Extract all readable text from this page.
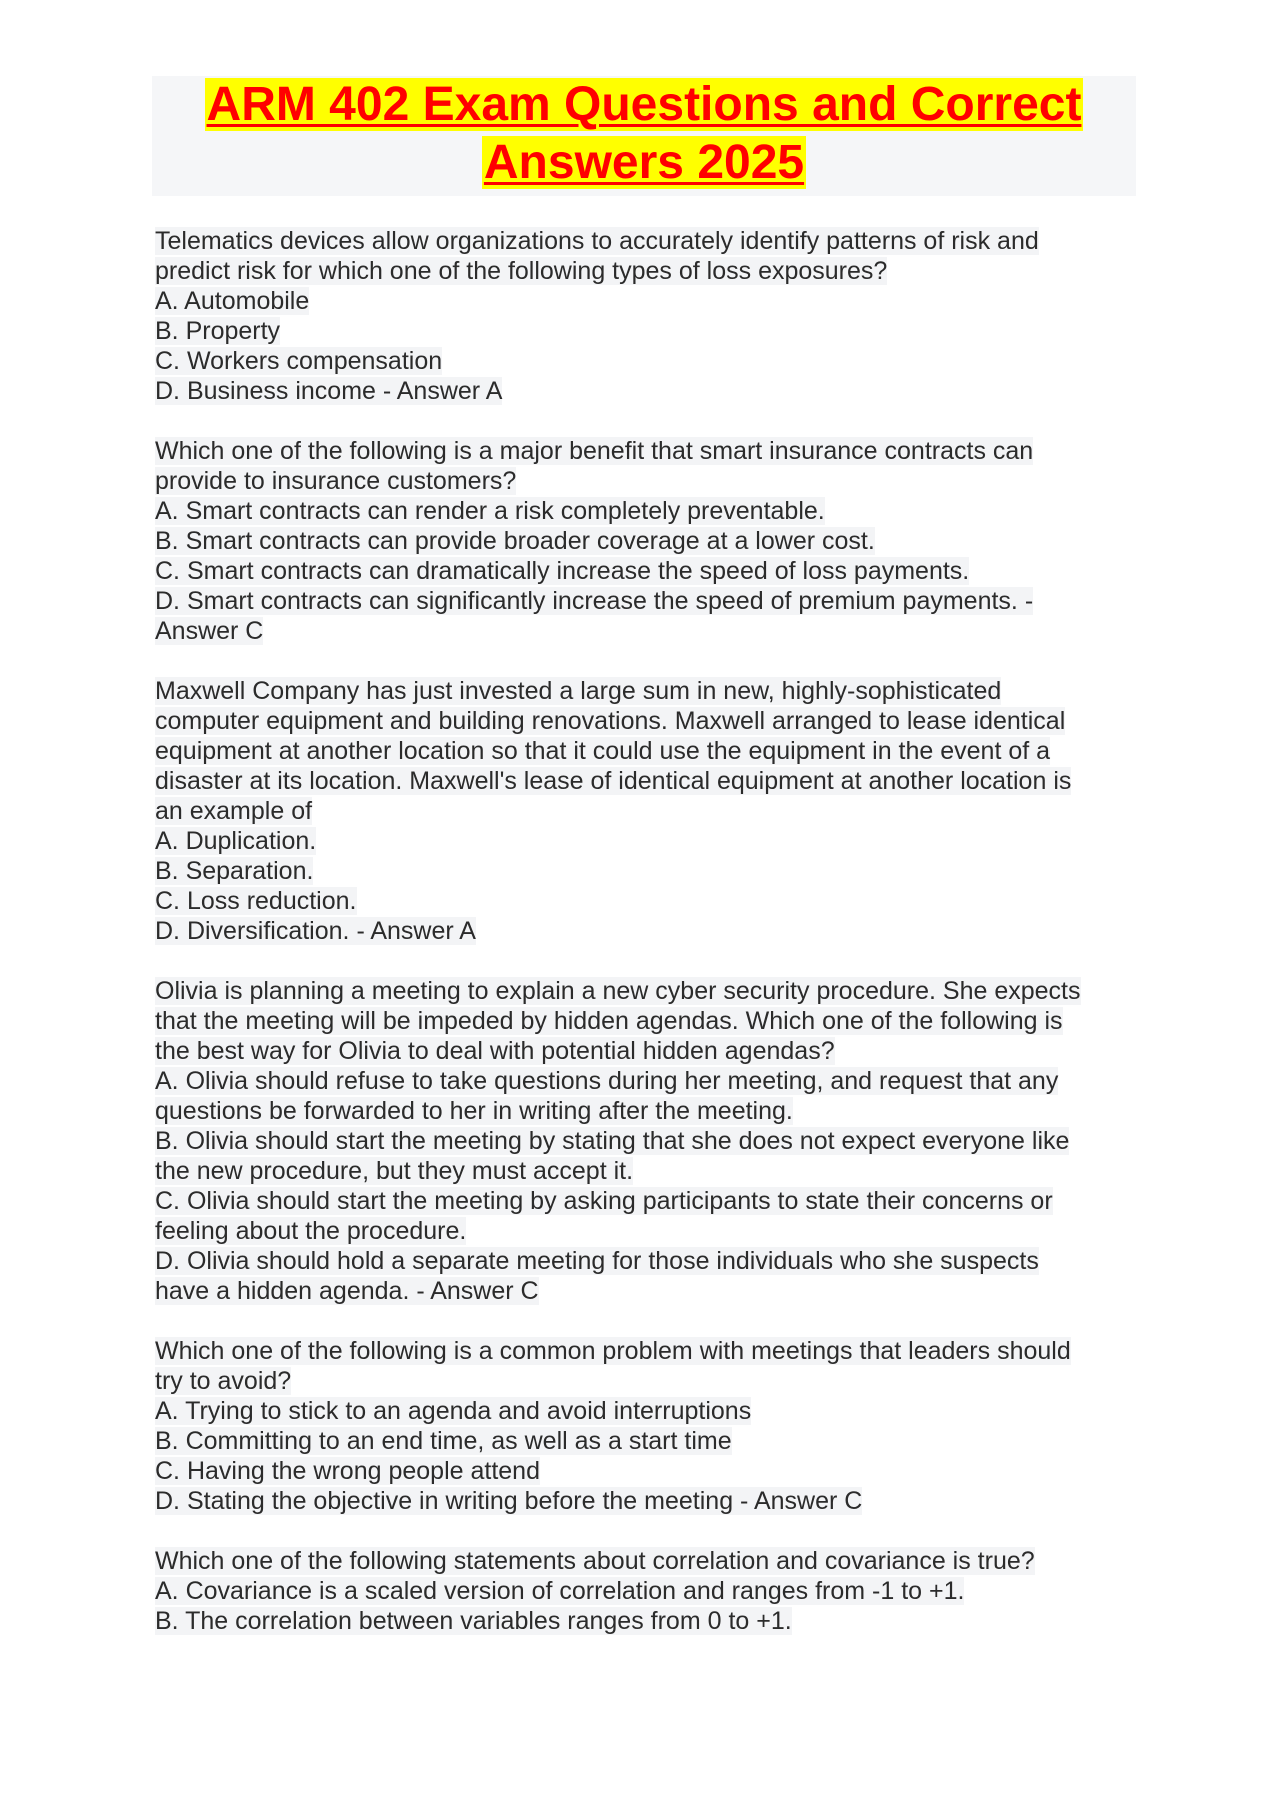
ARM 402 Exam Questions and Correct
Answers 2025
Telematics devices allow organizations to accurately identify patterns of risk and
predict risk for which one of the following types of loss exposures?
A. Automobile
B. Property
C. Workers compensation
D. Business income - Answer A
Which one of the following is a major benefit that smart insurance contracts can
provide to insurance customers?
A. Smart contracts can render a risk completely preventable.
B. Smart contracts can provide broader coverage at a lower cost.
C. Smart contracts can dramatically increase the speed of loss payments.
D. Smart contracts can significantly increase the speed of premium payments. -
Answer C
Maxwell Company has just invested a large sum in new, highly-sophisticated
computer equipment and building renovations. Maxwell arranged to lease identical
equipment at another location so that it could use the equipment in the event of a
disaster at its location. Maxwell's lease of identical equipment at another location is
an example of
A. Duplication.
B. Separation.
C. Loss reduction.
D. Diversification. - Answer A
Olivia is planning a meeting to explain a new cyber security procedure. She expects
that the meeting will be impeded by hidden agendas. Which one of the following is
the best way for Olivia to deal with potential hidden agendas?
A. Olivia should refuse to take questions during her meeting, and request that any
questions be forwarded to her in writing after the meeting.
B. Olivia should start the meeting by stating that she does not expect everyone like
the new procedure, but they must accept it.
C. Olivia should start the meeting by asking participants to state their concerns or
feeling about the procedure.
D. Olivia should hold a separate meeting for those individuals who she suspects
have a hidden agenda. - Answer C
Which one of the following is a common problem with meetings that leaders should
try to avoid?
A. Trying to stick to an agenda and avoid interruptions
B. Committing to an end time, as well as a start time
C. Having the wrong people attend
D. Stating the objective in writing before the meeting - Answer C
Which one of the following statements about correlation and covariance is true?
A. Covariance is a scaled version of correlation and ranges from -1 to +1.
B. The correlation between variables ranges from 0 to +1.
